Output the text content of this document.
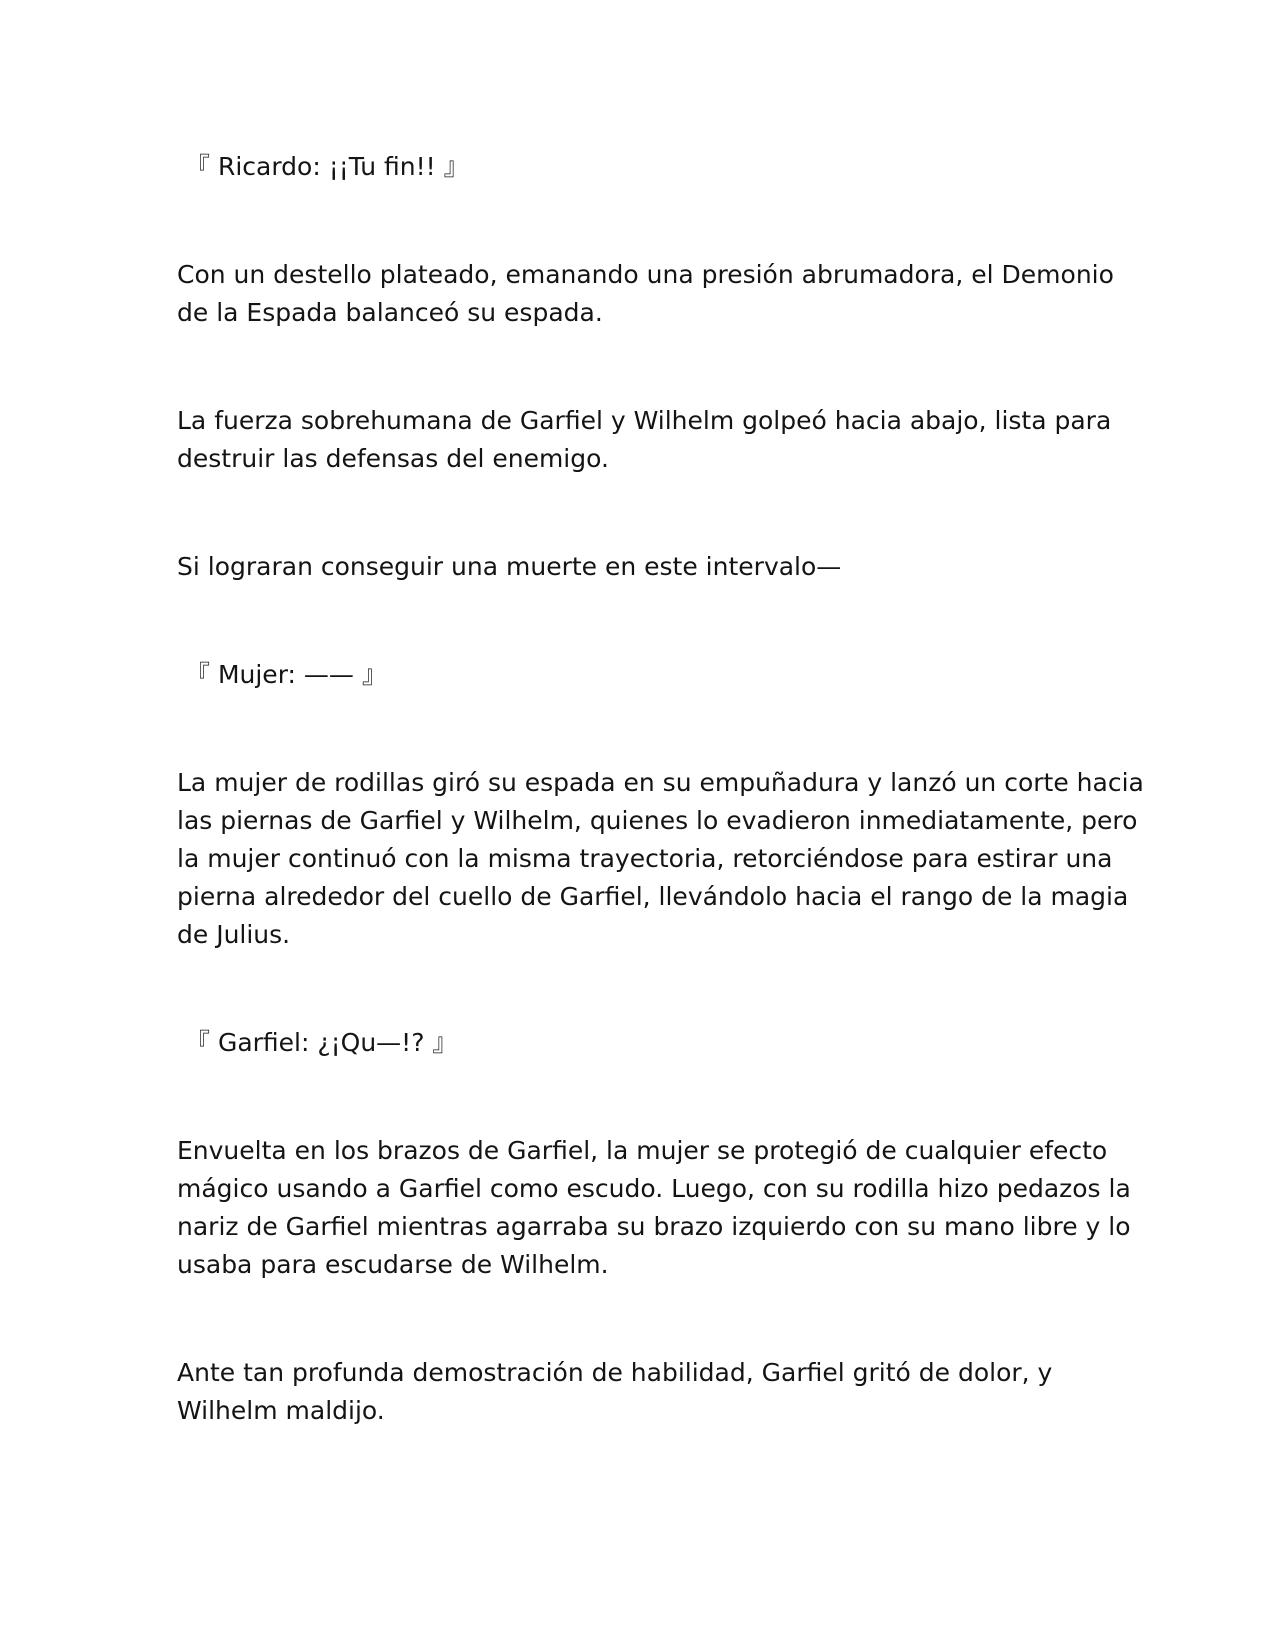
『 Ricardo: ¡¡Tu fin!! 』
Con un destello plateado, emanando una presión abrumadora, el Demonio
de la Espada balanceó su espada.
La fuerza sobrehumana de Garfiel y Wilhelm golpeó hacia abajo, lista para
destruir las defensas del enemigo.
Si lograran conseguir una muerte en este intervalo—
『 Mujer: —— 』
La mujer de rodillas giró su espada en su empuñadura y lanzó un corte hacia
las piernas de Garfiel y Wilhelm, quienes lo evadieron inmediatamente, pero
la mujer continuó con la misma trayectoria, retorciéndose para estirar una
pierna alrededor del cuello de Garfiel, llevándolo hacia el rango de la magia
de Julius.
『 Garfiel: ¿¡Qu—!? 』
Envuelta en los brazos de Garfiel, la mujer se protegió de cualquier efecto
mágico usando a Garfiel como escudo. Luego, con su rodilla hizo pedazos la
nariz de Garfiel mientras agarraba su brazo izquierdo con su mano libre y lo
usaba para escudarse de Wilhelm.
Ante tan profunda demostración de habilidad, Garfiel gritó de dolor, y
Wilhelm maldijo.
